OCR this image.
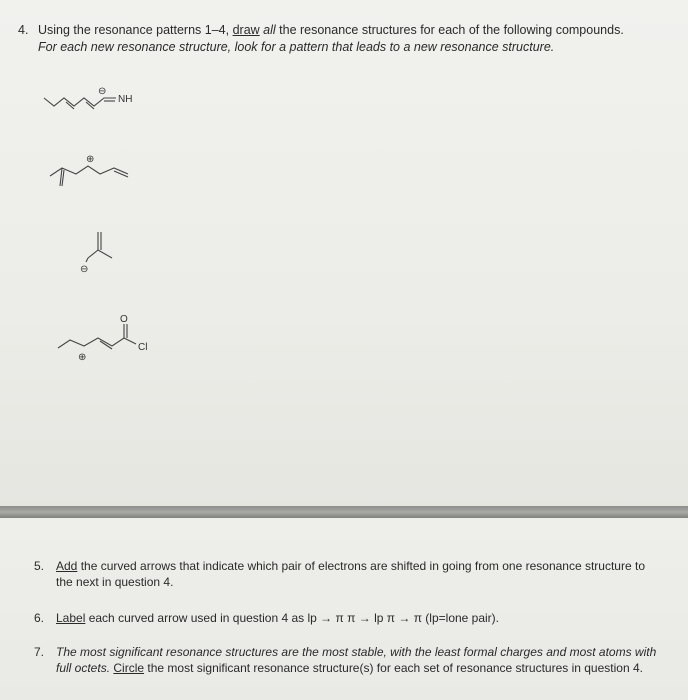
4. Using the resonance patterns 1–4, draw all the resonance structures for each of the following compounds.
For each new resonance structure, look for a pattern that leads to a new resonance structure.
⊖
NH
⊕
⊖
O
Cl
⊕
5. Add the curved arrows that indicate which pair of electrons are shifted in going from one resonance structure to the next in question 4.
6. Label each curved arrow used in question 4 as lp → π π → lp π → π (lp=lone pair).
7. The most significant resonance structures are the most stable, with the least formal charges and most atoms with full octets. Circle the most significant resonance structure(s) for each set of resonance structures in question 4.
